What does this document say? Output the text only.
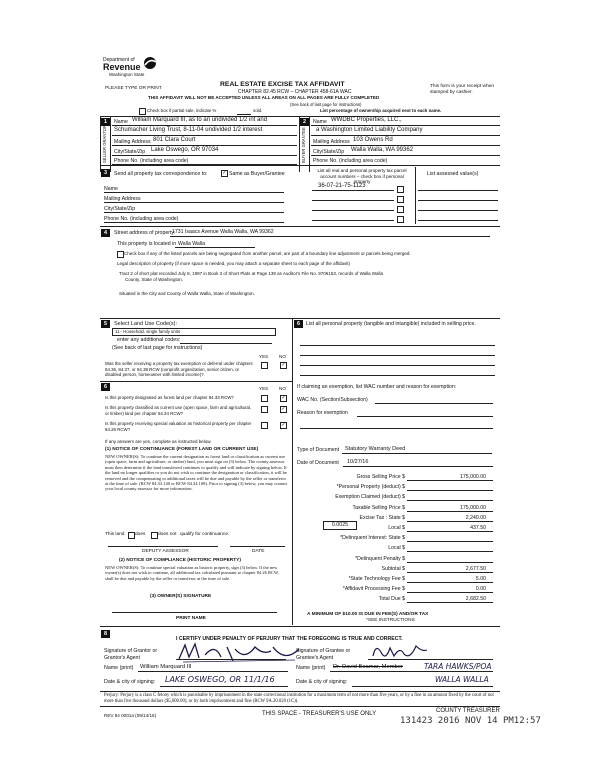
Department of
Revenue
Washington State
PLEASE TYPE OR PRINT
REAL ESTATE EXCISE TAX AFFIDAVIT
CHAPTER 82.45 RCW – CHAPTER 458-61A WAC
THIS AFFIDAVIT WILL NOT BE ACCEPTED UNLESS ALL AREAS ON ALL PAGES ARE FULLY COMPLETED
This form is your receipt when stamped by cashier.
(See back of last page for instructions)
Check box if partial sale, indicate %	sold.	List percentage of ownership acquired next to each name.
1
SELLER GRANTOR
Name William Marquard III, as to an undivided 1/2 int and
Schumacher Living Trust, 8-11-04 undivided 1/2 interest
Mailing Address 801 Clara Court
City/State/Zip Lake Oswego, OR 97034
Phone No. (including area code)
2
BUYER GRANTEE
Name WWDBC Properties, LLC.,
a Washington Limited Liability Company
Mailing Address 103 Owens Rd
City/State/Zip Walla Walla, WA 99362
Phone No. (including area code)
3	Send all property tax correspondence to:	✓ Same as Buyer/Grantee
List all real and personal property tax parcel account numbers – check box if personal property
List assessed value(s)
Name
Mailing Address
City/State/Zip
Phone No. (including area code)
36-07-21-75-1123
4	Street address of property:
1731 Isaacs Avenue Walla Walla, WA 99362
This property is located in Walla Walla
Check box if any of the listed parcels are being segregated from another parcel, are part of a boundary line adjustment or parcels being merged.
Legal description of property (if more space is needed, you may attach a separate sheet to each page of the affidavit)
Tract 2 of short plat recorded July 8, 1997 in Book 3 of Short Plats at Page 139 as Auditor's File No. 9706153, records of Walla Walla
County, State of Washington.
Situated in the City and County of Walla Walla, State of Washington.
5	Select Land Use Code(s):
11 - Household, single family units
enter any additional codes:
(See back of last page for instructions)
YES NO
Was the seller receiving a property tax exemption or deferral under chapters 84.36, 84.37, or 84.38 RCW (nonprofit organization, senior citizen, or disabled person, homeowner with limited income)?
✓
6	YES NO
Is this property designated as forest land per chapter 84.33 RCW?	✓
Is this property classified as current use (open space, farm and agricultural, or timber) land per chapter 84.34 RCW?
✓
Is this property receiving special valuation as historical property per chapter 84.26 RCW?
✓
If any answers are yes, complete as instructed below.
(1) NOTICE OF CONTINUANCE (FOREST LAND OR CURRENT USE)
NEW OWNER(S): To continue the current designation as forest land or classification as current use (open space, farm and agriculture, or timber) land, you must sign on (3) below. The county assessor must then determine if the land transferred continues to qualify and will indicate by signing below. If the land no longer qualifies or you do not wish to continue the designation or classification, it will be removed and the compensating or additional taxes will be due and payable by the seller or transferor at the time of sale. (RCW 84.33.140 or RCW 84.34.108). Prior to signing (3) below, you may contact your local county assessor for more information.
This land does	does not qualify for continuance.
DEPUTY ASSESSOR	DATE
(2) NOTICE OF COMPLIANCE (HISTORIC PROPERTY)
NEW OWNER(S): To continue special valuation as historic property, sign (3) below. If the new owner(s) does not wish to continue, all additional tax calculated pursuant to chapter 84.26 RCW, shall be due and payable by the seller or transferor at the time of sale.
(3) OWNER(S) SIGNATURE
PRINT NAME
6	List all personal property (tangible and intangible) included in selling price.
If claiming an exemption, list WAC number and reason for exemption:
WAC No. (Section/Subsection)
Reason for exemption
Type of Document Statutory Warranty Deed
Date of Document 10/27/16
Gross Selling Price $	175,000.00
*Personal Property (deduct) $
Exemption Claimed (deduct) $
Taxable Selling Price $	175,000.00
Excise Tax : State $	2,240.00
Local $	437.50
*Delinquent Interest: State $
Local $
*Delinquent Penalty $
Subtotal $	2,677.50
*State Technology Fee $	5.00
*Affidavit Processing Fee $	0.00
Total Due $	2,682.50
0.0025
A MINIMUM OF $10.00 IS DUE IN FEE(S) AND/OR TAX
*SEE INSTRUCTIONS
8
I CERTIFY UNDER PENALTY OF PERJURY THAT THE FOREGOING IS TRUE AND CORRECT.
Signature of Grantor or Grantor's Agent
Signature of Grantee or Grantee's Agent
Name (print) William Marquard III	Name (print) Dr. David Boamar, Member	TARA HAWKS/POA
Date & city of signing: LAKE OSWEGO, OR 11/1/16	Date & city of signing:	WALLA WALLA
Perjury: Perjury is a class C felony which is punishable by imprisonment in the state correctional institution for a maximum term of not more than five years, or by a fine in an amount fixed by the court of not more than five thousand dollars ($5,000.00), or by both imprisonment and fine (RCW 9A.20.020 (1C)).
REV 84 0001a (09/14/16)	THIS SPACE - TREASURER'S USE ONLY	COUNTY TREASURER
131423 2016 NOV 14 PM12:57
